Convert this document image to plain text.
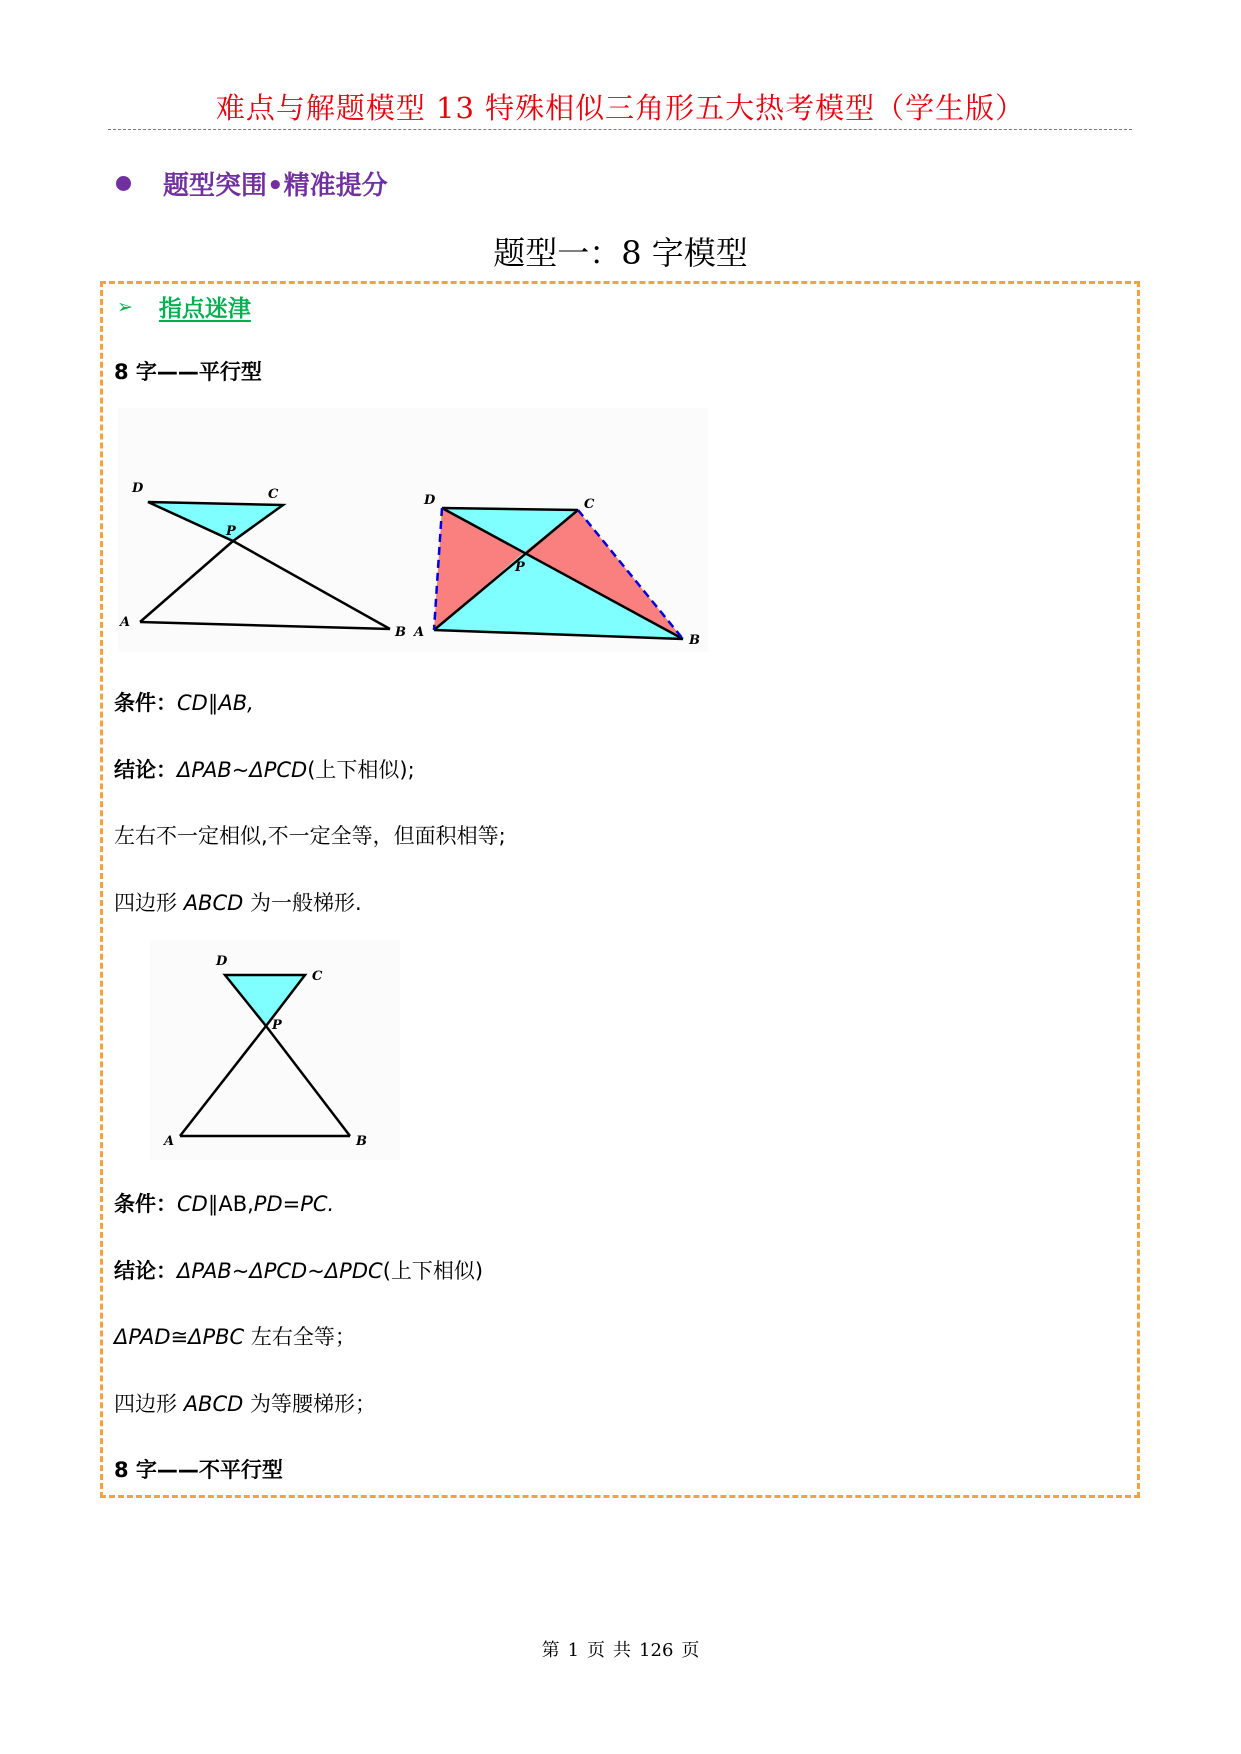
难点与解题模型 13 特殊相似三角形五大热考模型（学生版）
题型突围•精准提分
题型一：8 字模型
➢ 指点迷津
8 字——平行型
D	C
P
A
B
D	C
P
A
B
条件：CD∥AB,
结论：ΔPAB~ΔPCD(上下相似);
左右不一定相似,不一定全等，但面积相等;
四边形 ABCD 为一般梯形.
D
C
P
A	B
条件：CD∥AB,PD=PC.
结论：ΔPAB~ΔPCD~ΔPDC(上下相似)
ΔPAD≅ΔPBC 左右全等；
四边形 ABCD 为等腰梯形；
8 字——不平行型
第 1 页 共 126 页
